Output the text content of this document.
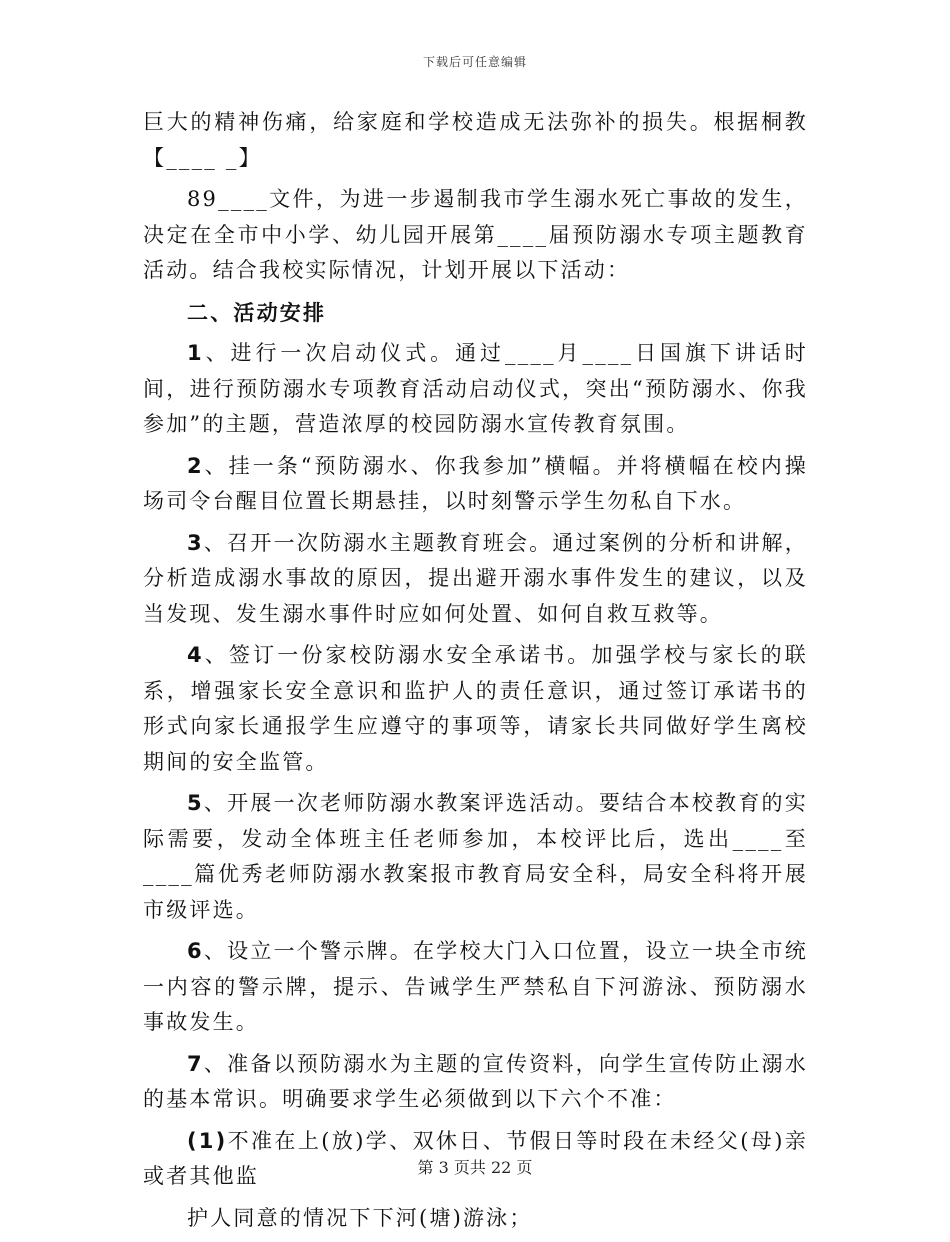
下载后可任意编辑

巨大的精神伤痛，给家庭和学校造成无法弥补的损失。根据桐教【____ _】

89____文件，为进一步遏制我市学生溺水死亡事故的发生，决定在全市中小学、幼儿园开展第____届预防溺水专项主题教育活动。结合我校实际情况，计划开展以下活动：

二、活动安排

1、进行一次启动仪式。通过____月____日国旗下讲话时间，进行预防溺水专项教育活动启动仪式，突出“预防溺水、你我参加”的主题，营造浓厚的校园防溺水宣传教育氛围。

2、挂一条“预防溺水、你我参加”横幅。并将横幅在校内操场司令台醒目位置长期悬挂，以时刻警示学生勿私自下水。

3、召开一次防溺水主题教育班会。通过案例的分析和讲解，分析造成溺水事故的原因，提出避开溺水事件发生的建议，以及当发现、发生溺水事件时应如何处置、如何自救互救等。

4、签订一份家校防溺水安全承诺书。加强学校与家长的联系，增强家长安全意识和监护人的责任意识，通过签订承诺书的形式向家长通报学生应遵守的事项等，请家长共同做好学生离校期间的安全监管。

5、开展一次老师防溺水教案评选活动。要结合本校教育的实际需要，发动全体班主任老师参加，本校评比后，选出____至____篇优秀老师防溺水教案报市教育局安全科，局安全科将开展市级评选。

6、设立一个警示牌。在学校大门入口位置，设立一块全市统一内容的警示牌，提示、告诫学生严禁私自下河游泳、预防溺水事故发生。

7、准备以预防溺水为主题的宣传资料，向学生宣传防止溺水的基本常识。明确要求学生必须做到以下六个不准：

(1)不准在上(放)学、双休日、节假日等时段在未经父(母)亲或者其他监

护人同意的情况下下河(塘)游泳；

第 3 页共 22 页
